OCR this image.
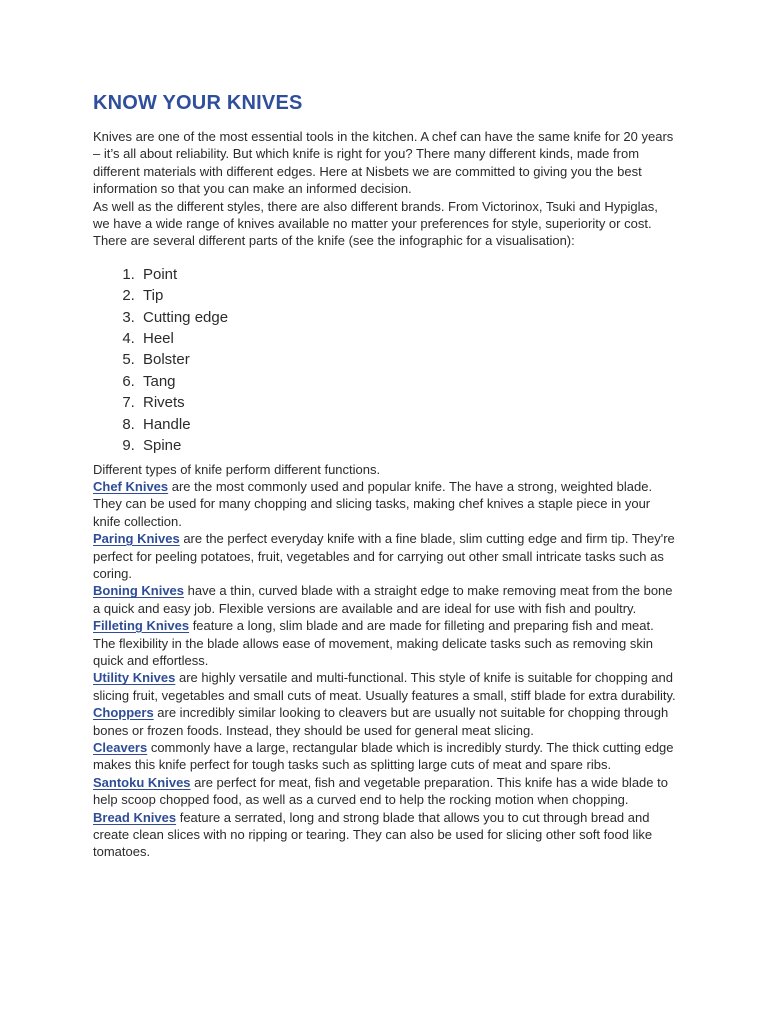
KNOW YOUR KNIVES

Knives are one of the most essential tools in the kitchen. A chef can have the same knife for 20 years – it’s all about reliability. But which knife is right for you? There many different kinds, made from different materials with different edges. Here at Nisbets we are committed to giving you the best information so that you can make an informed decision.

As well as the different styles, there are also different brands. From Victorinox, Tsuki and Hypiglas, we have a wide range of knives available no matter your preferences for style, superiority or cost.

There are several different parts of the knife (see the infographic for a visualisation):

1. Point
2. Tip
3. Cutting edge
4. Heel
5. Bolster
6. Tang
7. Rivets
8. Handle
9. Spine

Different types of knife perform different functions.

Chef Knives are the most commonly used and popular knife. The have a strong, weighted blade. They can be used for many chopping and slicing tasks, making chef knives a staple piece in your knife collection.

Paring Knives are the perfect everyday knife with a fine blade, slim cutting edge and firm tip. They're perfect for peeling potatoes, fruit, vegetables and for carrying out other small intricate tasks such as coring.

Boning Knives have a thin, curved blade with a straight edge to make removing meat from the bone a quick and easy job. Flexible versions are available and are ideal for use with fish and poultry.

Filleting Knives feature a long, slim blade and are made for filleting and preparing fish and meat. The flexibility in the blade allows ease of movement, making delicate tasks such as removing skin quick and effortless.

Utility Knives are highly versatile and multi-functional. This style of knife is suitable for chopping and slicing fruit, vegetables and small cuts of meat. Usually features a small, stiff blade for extra durability.

Choppers are incredibly similar looking to cleavers but are usually not suitable for chopping through bones or frozen foods. Instead, they should be used for general meat slicing.

Cleavers commonly have a large, rectangular blade which is incredibly sturdy. The thick cutting edge makes this knife perfect for tough tasks such as splitting large cuts of meat and spare ribs.

Santoku Knives are perfect for meat, fish and vegetable preparation. This knife has a wide blade to help scoop chopped food, as well as a curved end to help the rocking motion when chopping.

Bread Knives feature a serrated, long and strong blade that allows you to cut through bread and create clean slices with no ripping or tearing. They can also be used for slicing other soft food like tomatoes.
